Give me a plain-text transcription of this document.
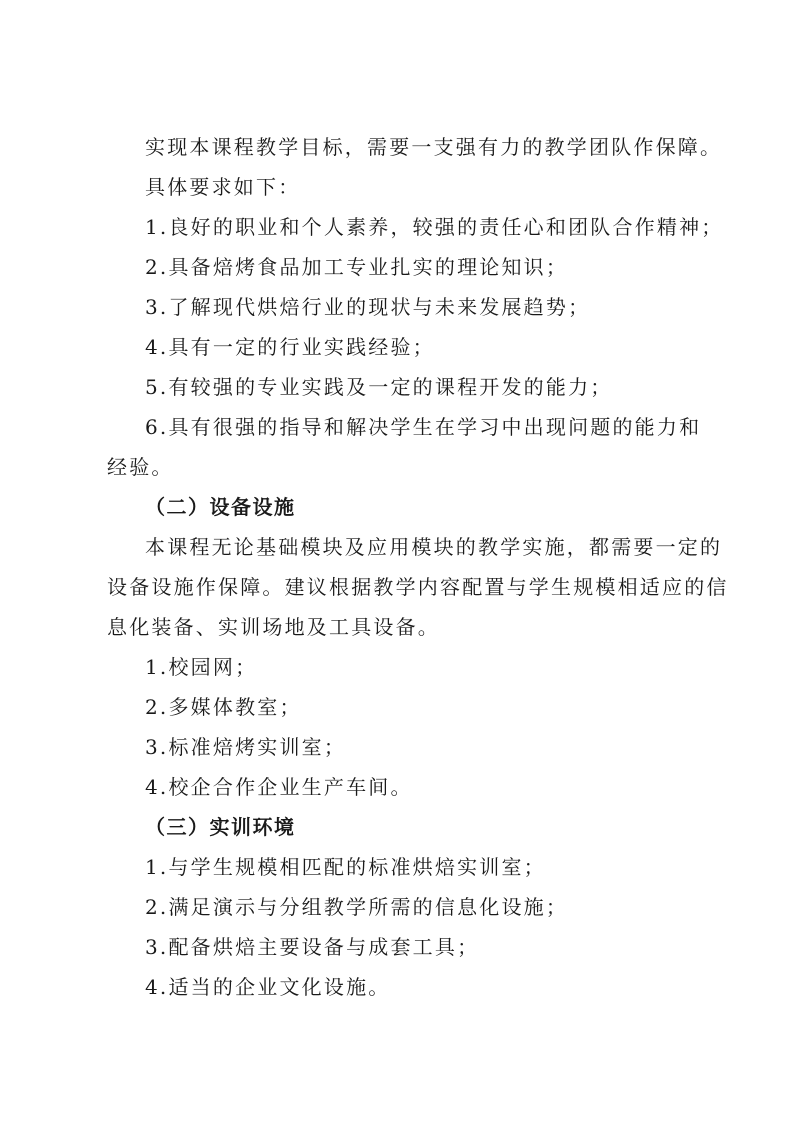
实现本课程教学目标，需要一支强有力的教学团队作保障。
具体要求如下：
1.良好的职业和个人素养，较强的责任心和团队合作精神；
2.具备焙烤食品加工专业扎实的理论知识；
3.了解现代烘焙行业的现状与未来发展趋势；
4.具有一定的行业实践经验；
5.有较强的专业实践及一定的课程开发的能力；
6.具有很强的指导和解决学生在学习中出现问题的能力和
经验。
（二）设备设施
本课程无论基础模块及应用模块的教学实施，都需要一定的
设备设施作保障。建议根据教学内容配置与学生规模相适应的信
息化装备、实训场地及工具设备。
1.校园网；
2.多媒体教室；
3.标准焙烤实训室；
4.校企合作企业生产车间。
（三）实训环境
1.与学生规模相匹配的标准烘焙实训室；
2.满足演示与分组教学所需的信息化设施；
3.配备烘焙主要设备与成套工具；
4.适当的企业文化设施。
